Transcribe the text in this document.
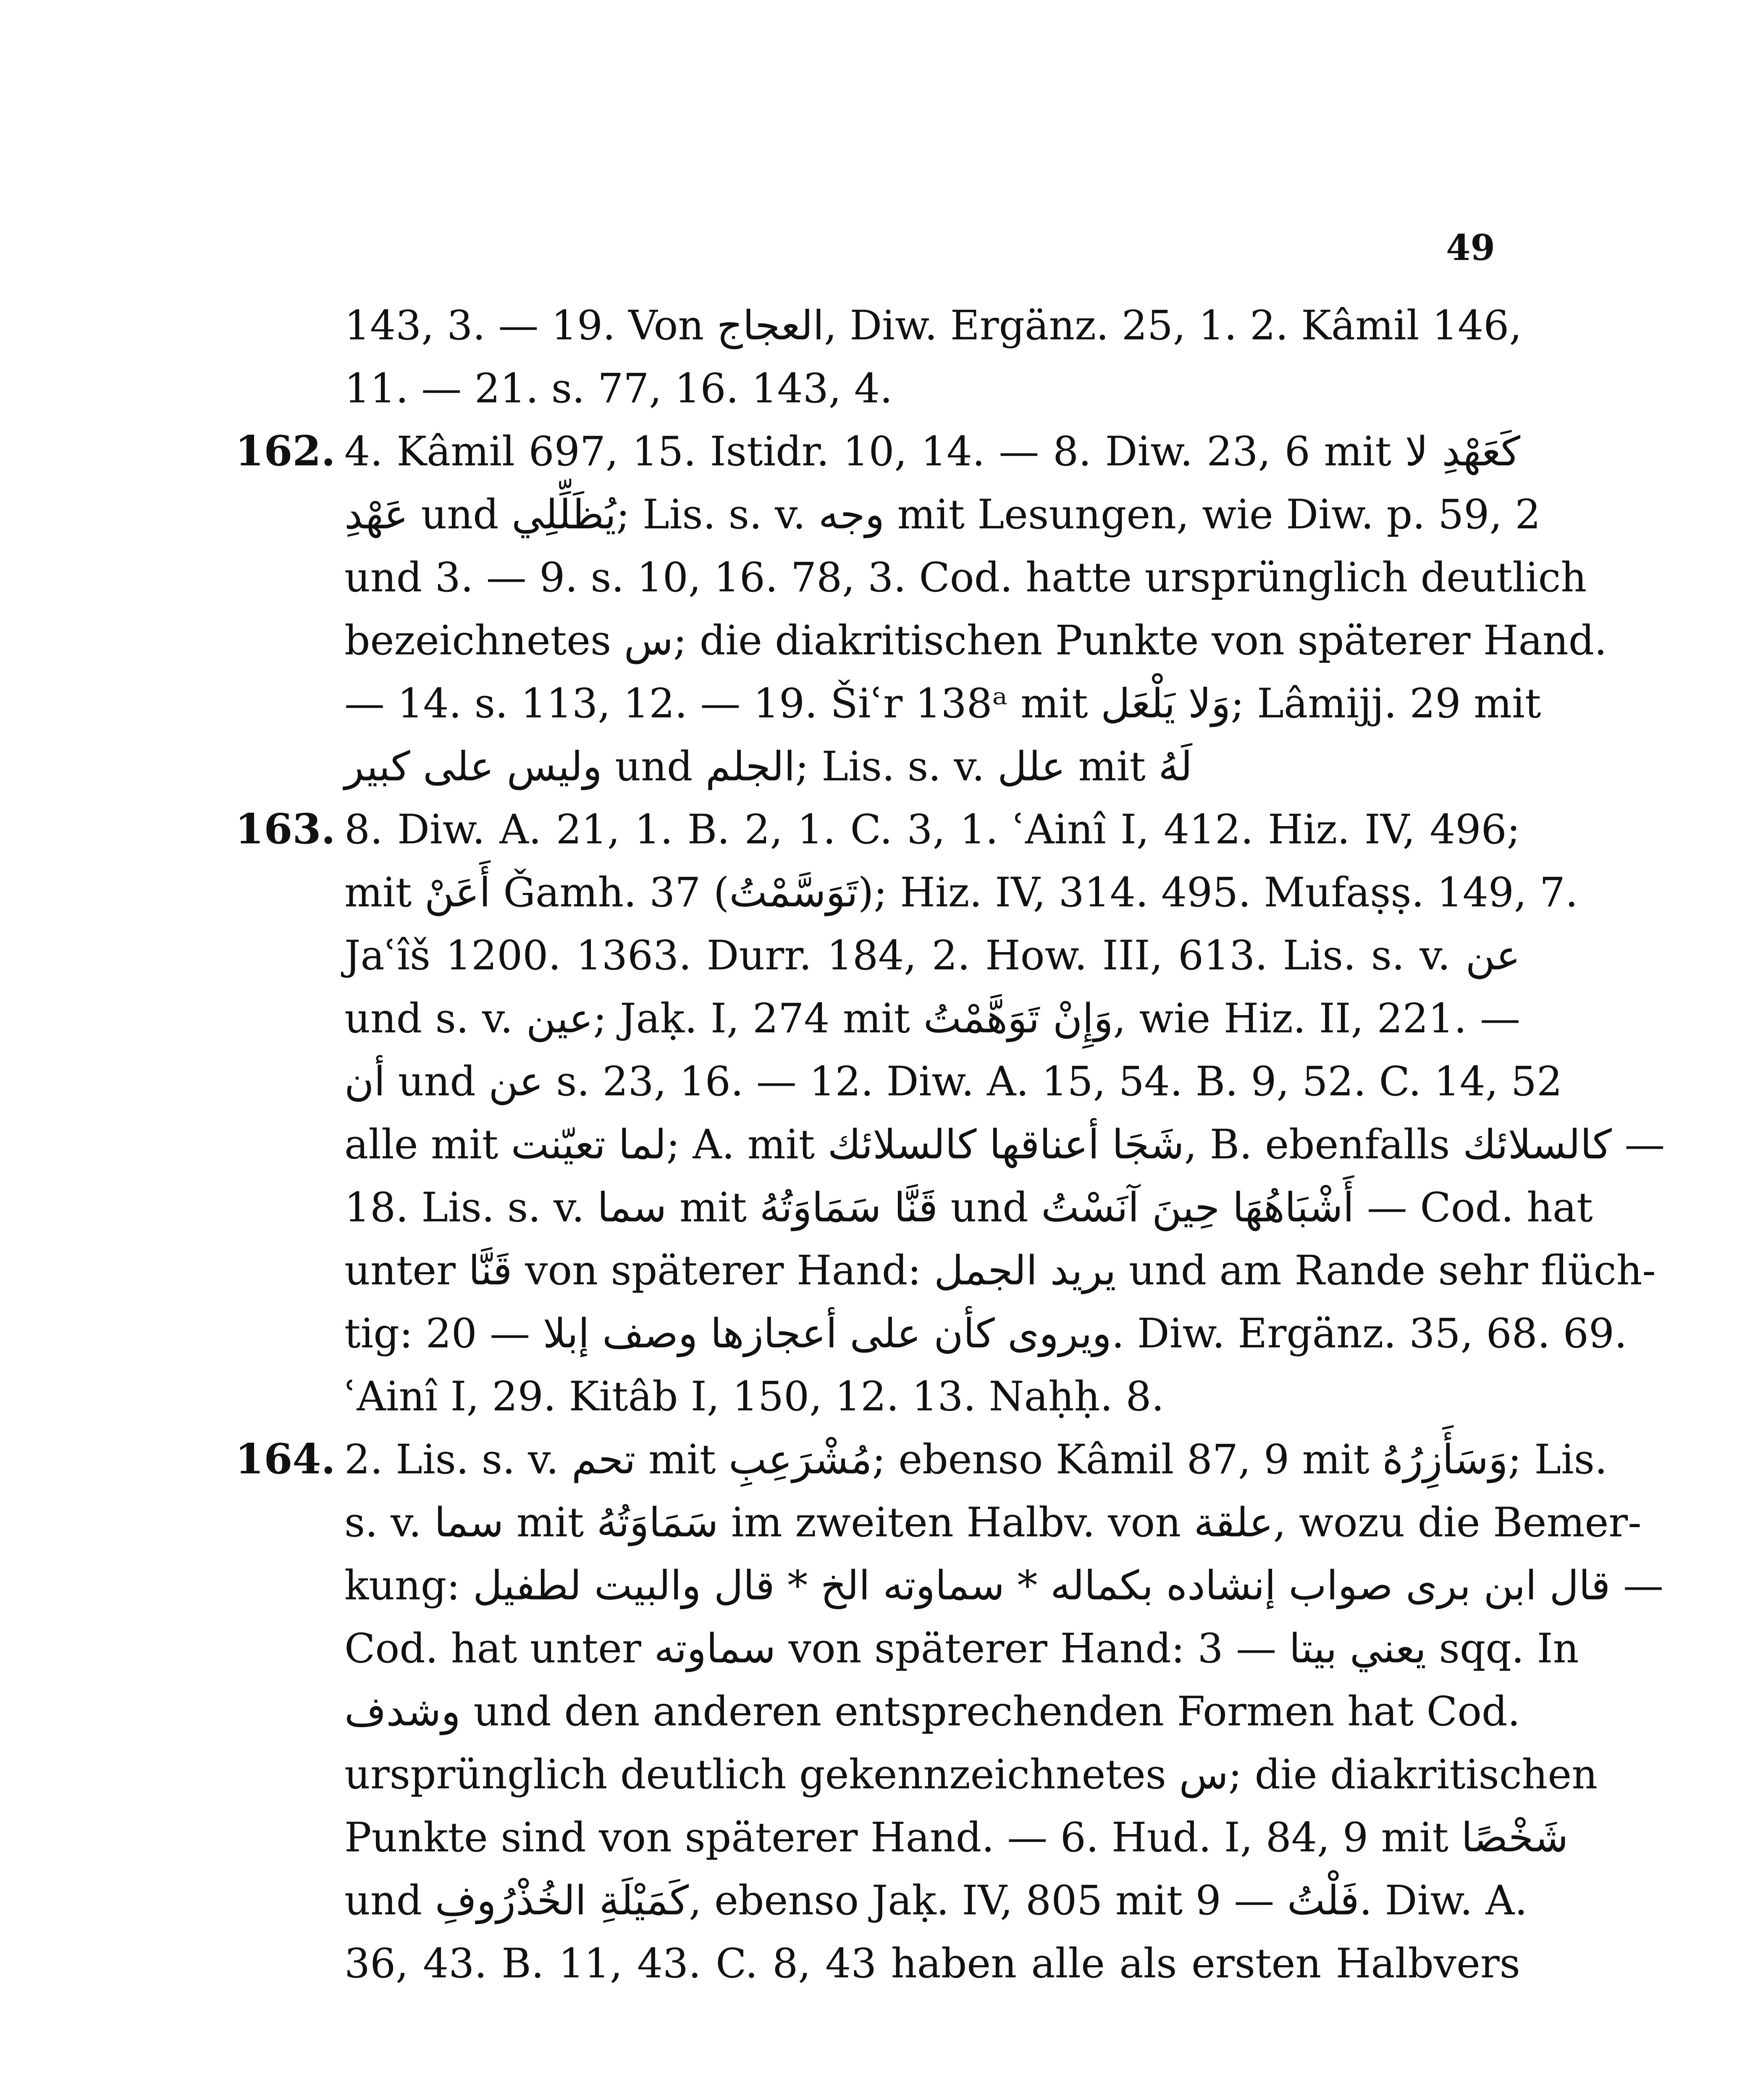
49
143, 3. — 19. Von العجاج, Diw. Ergänz. 25, 1. 2. Kâmil 146,
11. — 21. s. 77, 16. 143, 4.
162. 4. Kâmil 697, 15. Istidr. 10, 14. — 8. Diw. 23, 6 mit كَعَهْدِ لا
عَهْدِ und يُظَلِّلِي; Lis. s. v. وجه mit Lesungen, wie Diw. p. 59, 2
und 3. — 9. s. 10, 16. 78, 3. Cod. hatte ursprünglich deutlich
bezeichnetes س; die diakritischen Punkte von späterer Hand.
— 14. s. 113, 12. — 19. Šiʿr 138ᵃ mit وَلا يَلْعَل; Lâmijj. 29 mit
وليس على كبير und الجلم; Lis. s. v. علل mit لَهُ
163. 8. Diw. A. 21, 1. B. 2, 1. C. 3, 1. ʿAinî I, 412. Hiz. IV, 496;
mit أَعَنْ Ǧamh. 37 (تَوَسَّمْتُ); Hiz. IV, 314. 495. Mufaṣṣ. 149, 7.
Jaʿîš 1200. 1363. Durr. 184, 2. How. III, 613. Lis. s. v. عن
und s. v. عين; Jaḳ. I, 274 mit وَإِنْ تَوَهَّمْتُ, wie Hiz. II, 221. —
أن und عن s. 23, 16. — 12. Diw. A. 15, 54. B. 9, 52. C. 14, 52
alle mit لما تعيّنت; A. mit شَجَا أعناقها كالسلائك, B. ebenfalls كالسلائك —
18. Lis. s. v. سما mit قَنَّا سَمَاوَتُهُ und أَشْبَاهُهَا حِينَ آنَسْتُ — Cod. hat
unter قَنَّا von späterer Hand: يريد الجمل und am Rande sehr flüch-
tig: ويروى كأن على أعجازها وصف إبلا — 20. Diw. Ergänz. 35, 68. 69.
ʿAinî I, 29. Kitâb I, 150, 12. 13. Naḥḥ. 8.
164. 2. Lis. s. v. تحم mit مُشْرَعِبِ; ebenso Kâmil 87, 9 mit وَسَأَزِرُهُ; Lis.
s. v. سما mit سَمَاوَتُهُ im zweiten Halbv. von علقة, wozu die Bemer-
kung: قال ابن برى صواب إنشاده بكماله * سماوته الخ * قال والبيت لطفيل —
Cod. hat unter سماوته von späterer Hand: يعني بيتا — 3 sqq. In
وشدف und den anderen entsprechenden Formen hat Cod.
ursprünglich deutlich gekennzeichnetes س; die diakritischen
Punkte sind von späterer Hand. — 6. Hud. I, 84, 9 mit شَخْصًا
und كَمَيْلَةِ الخُذْرُوفِ, ebenso Jaḳ. IV, 805 mit فَلْتُ — 9. Diw. A.
36, 43. B. 11, 43. C. 8, 43 haben alle als ersten Halbvers
